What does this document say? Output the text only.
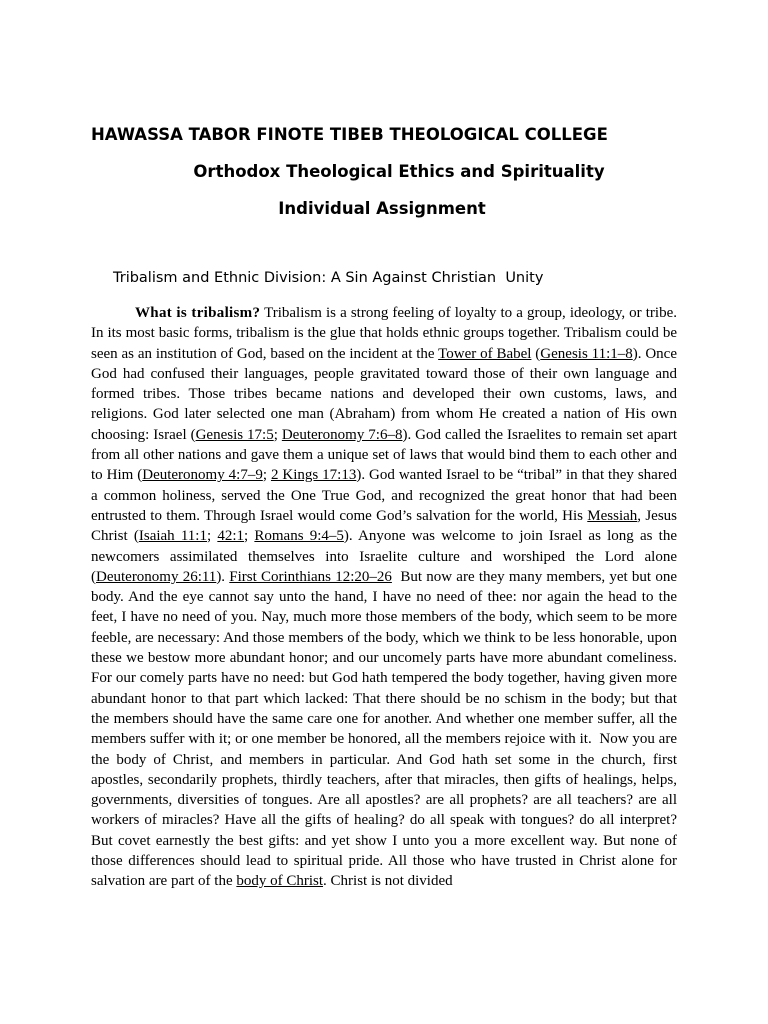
HAWASSA TABOR FINOTE TIBEB THEOLOGICAL COLLEGE
Orthodox Theological Ethics and Spirituality
Individual Assignment

Tribalism and Ethnic Division: A Sin Against Christian  Unity

What is tribalism? Tribalism is a strong feeling of loyalty to a group, ideology, or tribe. In its most basic forms, tribalism is the glue that holds ethnic groups together. Tribalism could be seen as an institution of God, based on the incident at the Tower of Babel (Genesis 11:1–8). Once God had confused their languages, people gravitated toward those of their own language and formed tribes. Those tribes became nations and developed their own customs, laws, and religions. God later selected one man (Abraham) from whom He created a nation of His own choosing: Israel (Genesis 17:5; Deuteronomy 7:6–8). God called the Israelites to remain set apart from all other nations and gave them a unique set of laws that would bind them to each other and to Him (Deuteronomy 4:7–9; 2 Kings 17:13). God wanted Israel to be “tribal” in that they shared a common holiness, served the One True God, and recognized the great honor that had been entrusted to them. Through Israel would come God’s salvation for the world, His Messiah, Jesus Christ (Isaiah 11:1; 42:1; Romans 9:4–5). Anyone was welcome to join Israel as long as the newcomers assimilated themselves into Israelite culture and worshiped the Lord alone (Deuteronomy 26:11). First Corinthians 12:20–26  But now are they many members, yet but one body. And the eye cannot say unto the hand, I have no need of thee: nor again the head to the feet, I have no need of you. Nay, much more those members of the body, which seem to be more feeble, are necessary: And those members of the body, which we think to be less honorable, upon these we bestow more abundant honor; and our uncomely parts have more abundant comeliness. For our comely parts have no need: but God hath tempered the body together, having given more abundant honor to that part which lacked: That there should be no schism in the body; but that the members should have the same care one for another. And whether one member suffer, all the members suffer with it; or one member be honored, all the members rejoice with it.  Now you are the body of Christ, and members in particular. And God hath set some in the church, first apostles, secondarily prophets, thirdly teachers, after that miracles, then gifts of healings, helps, governments, diversities of tongues. Are all apostles? are all prophets? are all teachers? are all workers of miracles? Have all the gifts of healing? do all speak with tongues? do all interpret? But covet earnestly the best gifts: and yet show I unto you a more excellent way. But none of those differences should lead to spiritual pride. All those who have trusted in Christ alone for salvation are part of the body of Christ. Christ is not divided
